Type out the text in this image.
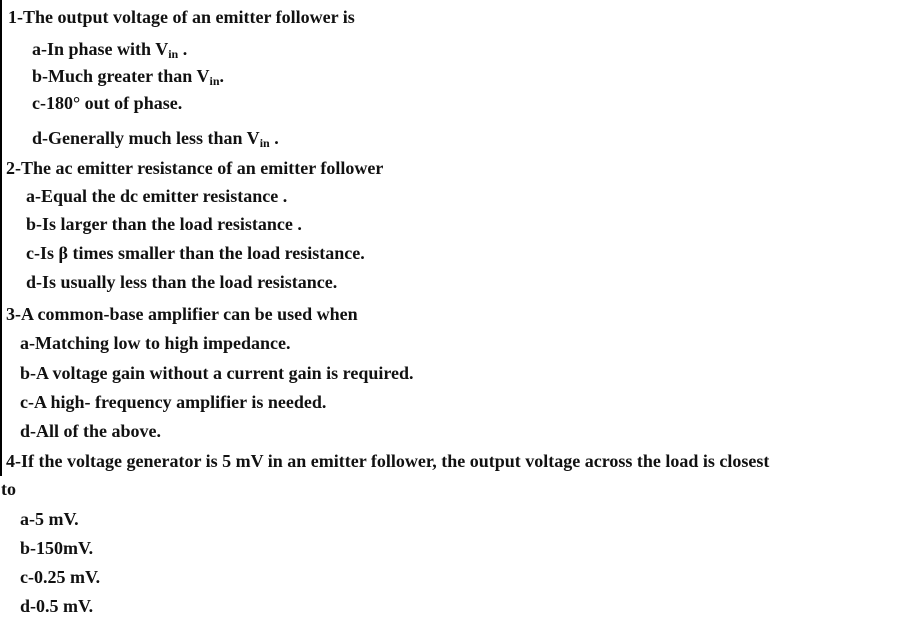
1-The output voltage of an emitter follower is
a-In phase with $V_{in}$ .
b-Much greater than $V_{in}$.
c-180° out of phase.
d-Generally much less than $V_{in}$ .
2-The ac emitter resistance of an emitter follower
a-Equal the dc emitter resistance .
b-Is larger than the load resistance .
c-Is β times smaller than the load resistance.
d-Is usually less than the load resistance.
3-A common-base amplifier can be used when
a-Matching low to high impedance.
b-A voltage gain without a current gain is required.
c-A high- frequency amplifier is needed.
d-All of the above.
4-If the voltage generator is 5 mV in an emitter follower, the output voltage across the load is closest
to
a-5 mV.
b-150mV.
c-0.25 mV.
d-0.5 mV.
